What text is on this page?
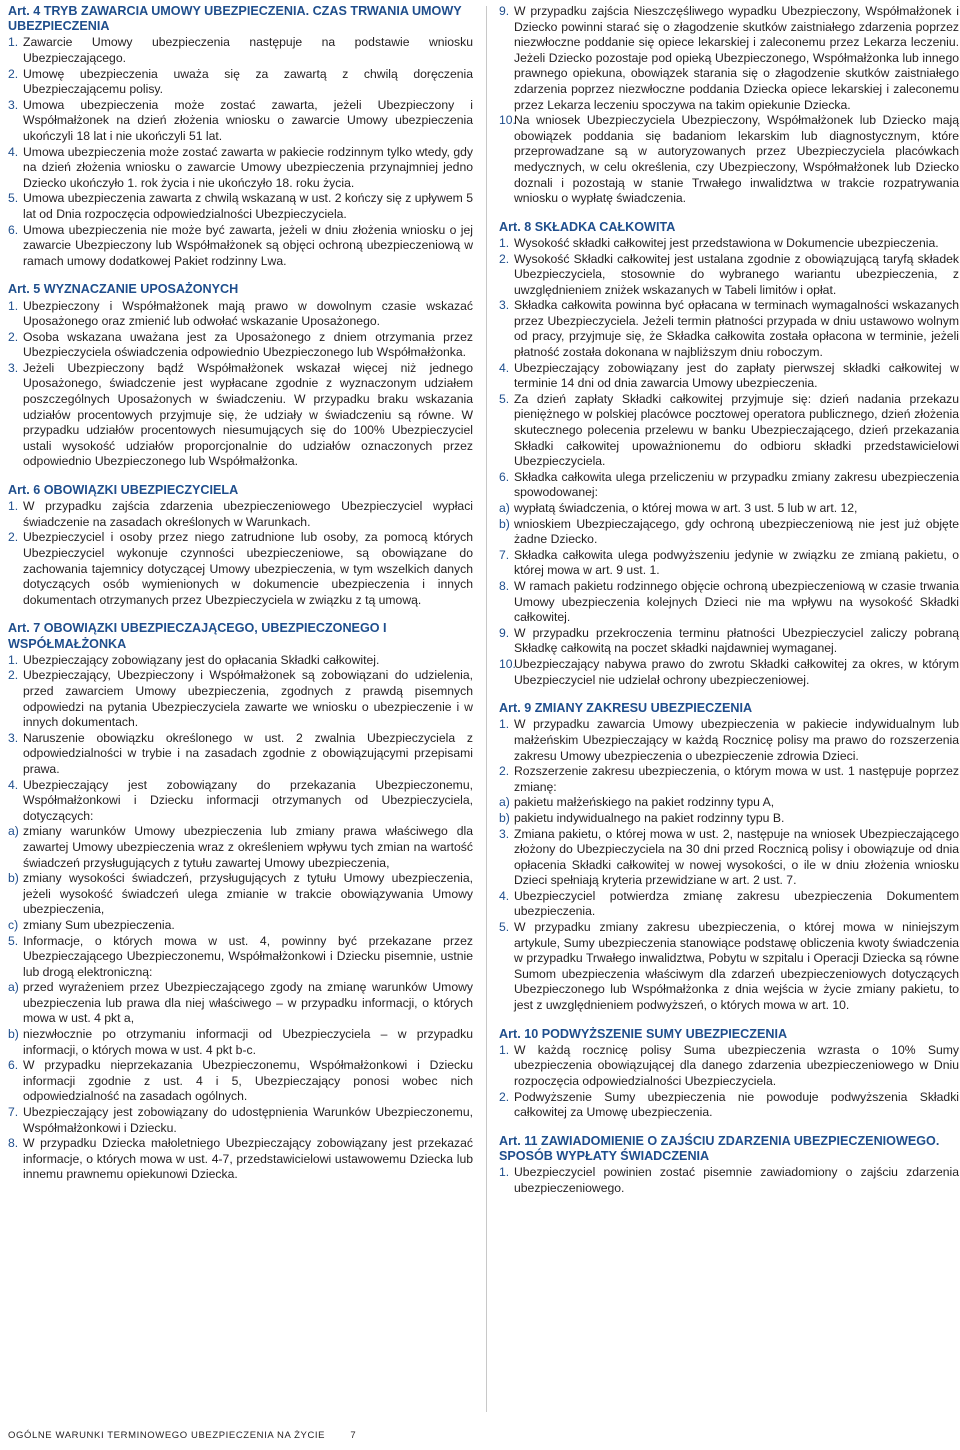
Art. 4 TRYB ZAWARCIA UMOWY UBEZPIECZENIA. CZAS TRWANIA UMOWY UBEZPIECZENIA
1. Zawarcie Umowy ubezpieczenia następuje na podstawie wniosku Ubezpieczającego.
2. Umowę ubezpieczenia uważa się za zawartą z chwilą doręczenia Ubezpieczającemu polisy.
3. Umowa ubezpieczenia może zostać zawarta, jeżeli Ubezpieczony i Współmałżonek na dzień złożenia wniosku o zawarcie Umowy ubezpieczenia ukończyli 18 lat i nie ukończyli 51 lat.
4. Umowa ubezpieczenia może zostać zawarta w pakiecie rodzinnym tylko wtedy, gdy na dzień złożenia wniosku o zawarcie Umowy ubezpieczenia przynajmniej jedno Dziecko ukończyło 1. rok życia i nie ukończyło 18. roku życia.
5. Umowa ubezpieczenia zawarta z chwilą wskazaną w ust. 2 kończy się z upływem 5 lat od Dnia rozpoczęcia odpowiedzialności Ubezpieczyciela.
6. Umowa ubezpieczenia nie może być zawarta, jeżeli w dniu złożenia wniosku o jej zawarcie Ubezpieczony lub Współmałżonek są objęci ochroną ubezpieczeniową w ramach umowy dodatkowej Pakiet rodzinny Lwa.
Art. 5 WYZNACZANIE UPOSAŻONYCH
1. Ubezpieczony i Współmałżonek mają prawo w dowolnym czasie wskazać Uposażonego oraz zmienić lub odwołać wskazanie Uposażonego.
2. Osoba wskazana uważana jest za Uposażonego z dniem otrzymania przez Ubezpieczyciela oświadczenia odpowiednio Ubezpieczonego lub Współmałżonka.
3. Jeżeli Ubezpieczony bądź Współmałżonek wskazał więcej niż jednego Uposażonego, świadczenie jest wypłacane zgodnie z wyznaczonym udziałem poszczególnych Uposażonych w świadczeniu. W przypadku braku wskazania udziałów procentowych przyjmuje się, że udziały w świadczeniu są równe. W przypadku udziałów procentowych niesumujących się do 100% Ubezpieczyciel ustali wysokość udziałów proporcjonalnie do udziałów oznaczonych przez odpowiednio Ubezpieczonego lub Współmałżonka.
Art. 6 OBOWIĄZKI UBEZPIECZYCIELA
1. W przypadku zajścia zdarzenia ubezpieczeniowego Ubezpieczyciel wypłaci świadczenie na zasadach określonych w Warunkach.
2. Ubezpieczyciel i osoby przez niego zatrudnione lub osoby, za pomocą których Ubezpieczyciel wykonuje czynności ubezpieczeniowe, są obowiązane do zachowania tajemnicy dotyczącej Umowy ubezpieczenia, w tym wszelkich danych dotyczących osób wymienionych w dokumencie ubezpieczenia i innych dokumentach otrzymanych przez Ubezpieczyciela w związku z tą umową.
Art. 7 OBOWIĄZKI UBEZPIECZAJĄCEGO, UBEZPIECZONEGO I WSPÓŁMAŁŻONKA
1. Ubezpieczający zobowiązany jest do opłacania Składki całkowitej.
2. Ubezpieczający, Ubezpieczony i Współmałżonek są zobowiązani do udzielenia, przed zawarciem Umowy ubezpieczenia, zgodnych z prawdą pisemnych odpowiedzi na pytania Ubezpieczyciela zawarte we wniosku o ubezpieczenie i w innych dokumentach.
3. Naruszenie obowiązku określonego w ust. 2 zwalnia Ubezpieczyciela z odpowiedzialności w trybie i na zasadach zgodnie z obowiązującymi przepisami prawa.
4. Ubezpieczający jest zobowiązany do przekazania Ubezpieczonemu, Współmałżonkowi i Dziecku informacji otrzymanych od Ubezpieczyciela, dotyczących:
a) zmiany warunków Umowy ubezpieczenia lub zmiany prawa właściwego dla zawartej Umowy ubezpieczenia wraz z określeniem wpływu tych zmian na wartość świadczeń przysługujących z tytułu zawartej Umowy ubezpieczenia,
b) zmiany wysokości świadczeń, przysługujących z tytułu Umowy ubezpieczenia, jeżeli wysokość świadczeń ulega zmianie w trakcie obowiązywania Umowy ubezpieczenia,
c) zmiany Sum ubezpieczenia.
5. Informacje, o których mowa w ust. 4, powinny być przekazane przez Ubezpieczającego Ubezpieczonemu, Współmałżonkowi i Dziecku pisemnie, ustnie lub drogą elektroniczną:
a) przed wyrażeniem przez Ubezpieczającego zgody na zmianę warunków Umowy ubezpieczenia lub prawa dla niej właściwego – w przypadku informacji, o których mowa w ust. 4 pkt a,
b) niezwłocznie po otrzymaniu informacji od Ubezpieczyciela – w przypadku informacji, o których mowa w ust. 4 pkt b-c.
6. W przypadku nieprzekazania Ubezpieczonemu, Współmałżonkowi i Dziecku informacji zgodnie z ust. 4 i 5, Ubezpieczający ponosi wobec nich odpowiedzialność na zasadach ogólnych.
7. Ubezpieczający jest zobowiązany do udostępnienia Warunków Ubezpieczonemu, Współmałżonkowi i Dziecku.
8. W przypadku Dziecka małoletniego Ubezpieczający zobowiązany jest przekazać informacje, o których mowa w ust. 4-7, przedstawicielowi ustawowemu Dziecka lub innemu prawnemu opiekunowi Dziecka.
9. W przypadku zajścia Nieszczęśliwego wypadku Ubezpieczony, Współmałżonek i Dziecko powinni starać się o złagodzenie skutków zaistniałego zdarzenia poprzez niezwłoczne poddanie się opiece lekarskiej i zaleconemu przez Lekarza leczeniu. Jeżeli Dziecko pozostaje pod opieką Ubezpieczonego, Współmałżonka lub innego prawnego opiekuna, obowiązek starania się o złagodzenie skutków zaistniałego zdarzenia poprzez niezwłoczne poddania Dziecka opiece lekarskiej i zaleconemu przez Lekarza leczeniu spoczywa na takim opiekunie Dziecka.
10.
Na wniosek Ubezpieczyciela Ubezpieczony, Współmałżonek lub Dziecko mają obowiązek poddania się badaniom lekarskim lub diagnostycznym, które przeprowadzane są w autoryzowanych przez Ubezpieczyciela placówkach medycznych, w celu określenia, czy Ubezpieczony, Współmałżonek lub Dziecko doznali i pozostają w stanie Trwałego inwalidztwa w trakcie rozpatrywania wniosku o wypłatę świadczenia.
Art. 8 SKŁADKA CAŁKOWITA
1. Wysokość składki całkowitej jest przedstawiona w Dokumencie ubezpieczenia.
2. Wysokość Składki całkowitej jest ustalana zgodnie z obowiązującą taryfą składek Ubezpieczyciela, stosownie do wybranego wariantu ubezpieczenia, z uwzględnieniem zniżek wskazanych w Tabeli limitów i opłat.
3. Składka całkowita powinna być opłacana w terminach wymagalności wskazanych przez Ubezpieczyciela. Jeżeli termin płatności przypada w dniu ustawowo wolnym od pracy, przyjmuje się, że Składka całkowita została opłacona w terminie, jeżeli płatność została dokonana w najbliższym dniu roboczym.
4. Ubezpieczający zobowiązany jest do zapłaty pierwszej składki całkowitej w terminie 14 dni od dnia zawarcia Umowy ubezpieczenia.
5. Za dzień zapłaty Składki całkowitej przyjmuje się: dzień nadania przekazu pieniężnego w polskiej placówce pocztowej operatora publicznego, dzień złożenia skutecznego polecenia przelewu w banku Ubezpieczającego, dzień przekazania Składki całkowitej upoważnionemu do odbioru składki przedstawicielowi Ubezpieczyciela.
6. Składka całkowita ulega przeliczeniu w przypadku zmiany zakresu ubezpieczenia spowodowanej:
a) wypłatą świadczenia, o której mowa w art. 3 ust. 5 lub w art. 12,
b) wnioskiem Ubezpieczającego, gdy ochroną ubezpieczeniową nie jest już objęte żadne Dziecko.
7. Składka całkowita ulega podwyższeniu jedynie w związku ze zmianą pakietu, o której mowa w art. 9 ust. 1.
8. W ramach pakietu rodzinnego objęcie ochroną ubezpieczeniową w czasie trwania Umowy ubezpieczenia kolejnych Dzieci nie ma wpływu na wysokość Składki całkowitej.
9. W przypadku przekroczenia terminu płatności Ubezpieczyciel zaliczy pobraną Składkę całkowitą na poczet składki najdawniej wymaganej.
10.
Ubezpieczający nabywa prawo do zwrotu Składki całkowitej za okres, w którym Ubezpieczyciel nie udzielał ochrony ubezpieczeniowej.
Art. 9 ZMIANY ZAKRESU UBEZPIECZENIA
1. W przypadku zawarcia Umowy ubezpieczenia w pakiecie indywidualnym lub małżeńskim Ubezpieczający w każdą Rocznicę polisy ma prawo do rozszerzenia zakresu Umowy ubezpieczenia o ubezpieczenie zdrowia Dzieci.
2. Rozszerzenie zakresu ubezpieczenia, o którym mowa w ust. 1 następuje poprzez zmianę:
a) pakietu małżeńskiego na pakiet rodzinny typu A,
b) pakietu indywidualnego na pakiet rodzinny typu B.
3. Zmiana pakietu, o której mowa w ust. 2, następuje na wniosek Ubezpieczającego złożony do Ubezpieczyciela na 30 dni przed Rocznicą polisy i obowiązuje od dnia opłacenia Składki całkowitej w nowej wysokości, o ile w dniu złożenia wniosku Dzieci spełniają kryteria przewidziane w art. 2 ust. 7.
4. Ubezpieczyciel potwierdza zmianę zakresu ubezpieczenia Dokumentem ubezpieczenia.
5. W przypadku zmiany zakresu ubezpieczenia, o której mowa w niniejszym artykule, Sumy ubezpieczenia stanowiące podstawę obliczenia kwoty świadczenia w przypadku Trwałego inwalidztwa, Pobytu w szpitalu i Operacji Dziecka są równe Sumom ubezpieczenia właściwym dla zdarzeń ubezpieczeniowych dotyczących Ubezpieczonego lub Współmałżonka z dnia wejścia w życie zmiany pakietu, to jest z uwzględnieniem podwyższeń, o których mowa w art. 10.
Art. 10 PODWYŻSZENIE SUMY UBEZPIECZENIA
1. W każdą rocznicę polisy Suma ubezpieczenia wzrasta o 10% Sumy ubezpieczenia obowiązującej dla danego zdarzenia ubezpieczeniowego w Dniu rozpoczęcia odpowiedzialności Ubezpieczyciela.
2. Podwyższenie Sumy ubezpieczenia nie powoduje podwyższenia Składki całkowitej za Umowę ubezpieczenia.
Art. 11 ZAWIADOMIENIE O ZAJŚCIU ZDARZENIA UBEZPIECZENIOWEGO. SPOSÓB WYPŁATY ŚWIADCZENIA
1. Ubezpieczyciel powinien zostać pisemnie zawiadomiony o zajściu zdarzenia ubezpieczeniowego.
OGÓLNE WARUNKI TERMINOWEGO UBEZPIECZENIA NA ŻYCIE	7
